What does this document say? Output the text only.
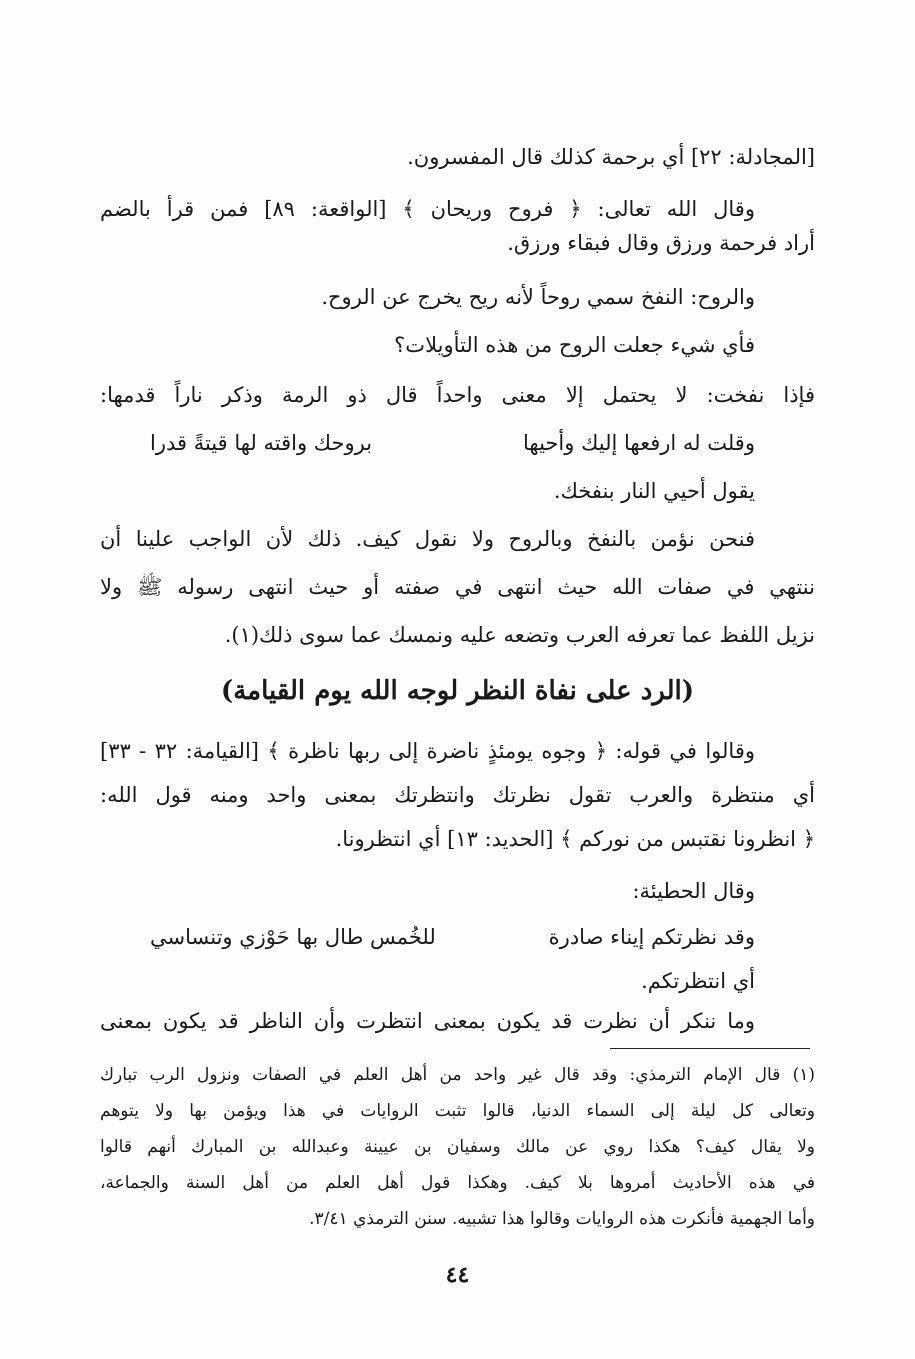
[المجادلة: ٢٢] أي برحمة كذلك قال المفسرون.
وقال الله تعالى: ﴿ فروح وريحان ﴾ [الواقعة: ٨٩] فمن قرأ بالضم
أراد فرحمة ورزق وقال فبقاء ورزق.
والروح: النفخ سمي روحاً لأنه ريح يخرج عن الروح.
فأي شيء جعلت الروح من هذه التأويلات؟
فإذا نفخت: لا يحتمل إلا معنى واحداً قال ذو الرمة وذكر ناراً قدمها:
وقلت له ارفعها إليك وأحيها
بروحك واقته لها قيتةً قدرا
يقول أحيي النار بنفخك.
فنحن نؤمن بالنفخ وبالروح ولا نقول كيف. ذلك لأن الواجب علينا أن
ننتهي في صفات الله حيث انتهى في صفته أو حيث انتهى رسوله ﷺ ولا
نزيل اللفظ عما تعرفه العرب وتضعه عليه ونمسك عما سوى ذلك(١).
(الرد على نفاة النظر لوجه الله يوم القيامة)
وقالوا في قوله: ﴿ وجوه يومئذٍ ناضرة إلى ربها ناظرة ﴾ [القيامة: ٣٢ - ٣٣]
أي منتظرة والعرب تقول نظرتك وانتظرتك بمعنى واحد ومنه قول الله:
﴿ انظرونا نقتبس من نوركم ﴾ [الحديد: ١٣] أي انتظرونا.
وقال الحطيئة:
وقد نظرتكم إيناء صادرة
للخُمس طال بها حَوْزي وتنساسي
أي انتظرتكم.
وما ننكر أن نظرت قد يكون بمعنى انتظرت وأن الناظر قد يكون بمعنى
(١) قال الإمام الترمذي: وقد قال غير واحد من أهل العلم في الصفات ونزول الرب تبارك
وتعالى كل ليلة إلى السماء الدنيا، قالوا تثبت الروايات في هذا ويؤمن بها ولا يتوهم
ولا يقال كيف؟ هكذا روي عن مالك وسفيان بن عيينة وعبدالله بن المبارك أنهم قالوا
في هذه الأحاديث أمروها بلا كيف. وهكذا قول أهل العلم من أهل السنة والجماعة،
وأما الجهمية فأنكرت هذه الروايات وقالوا هذا تشبيه. سنن الترمذي ٣/٤١.
٤٤
